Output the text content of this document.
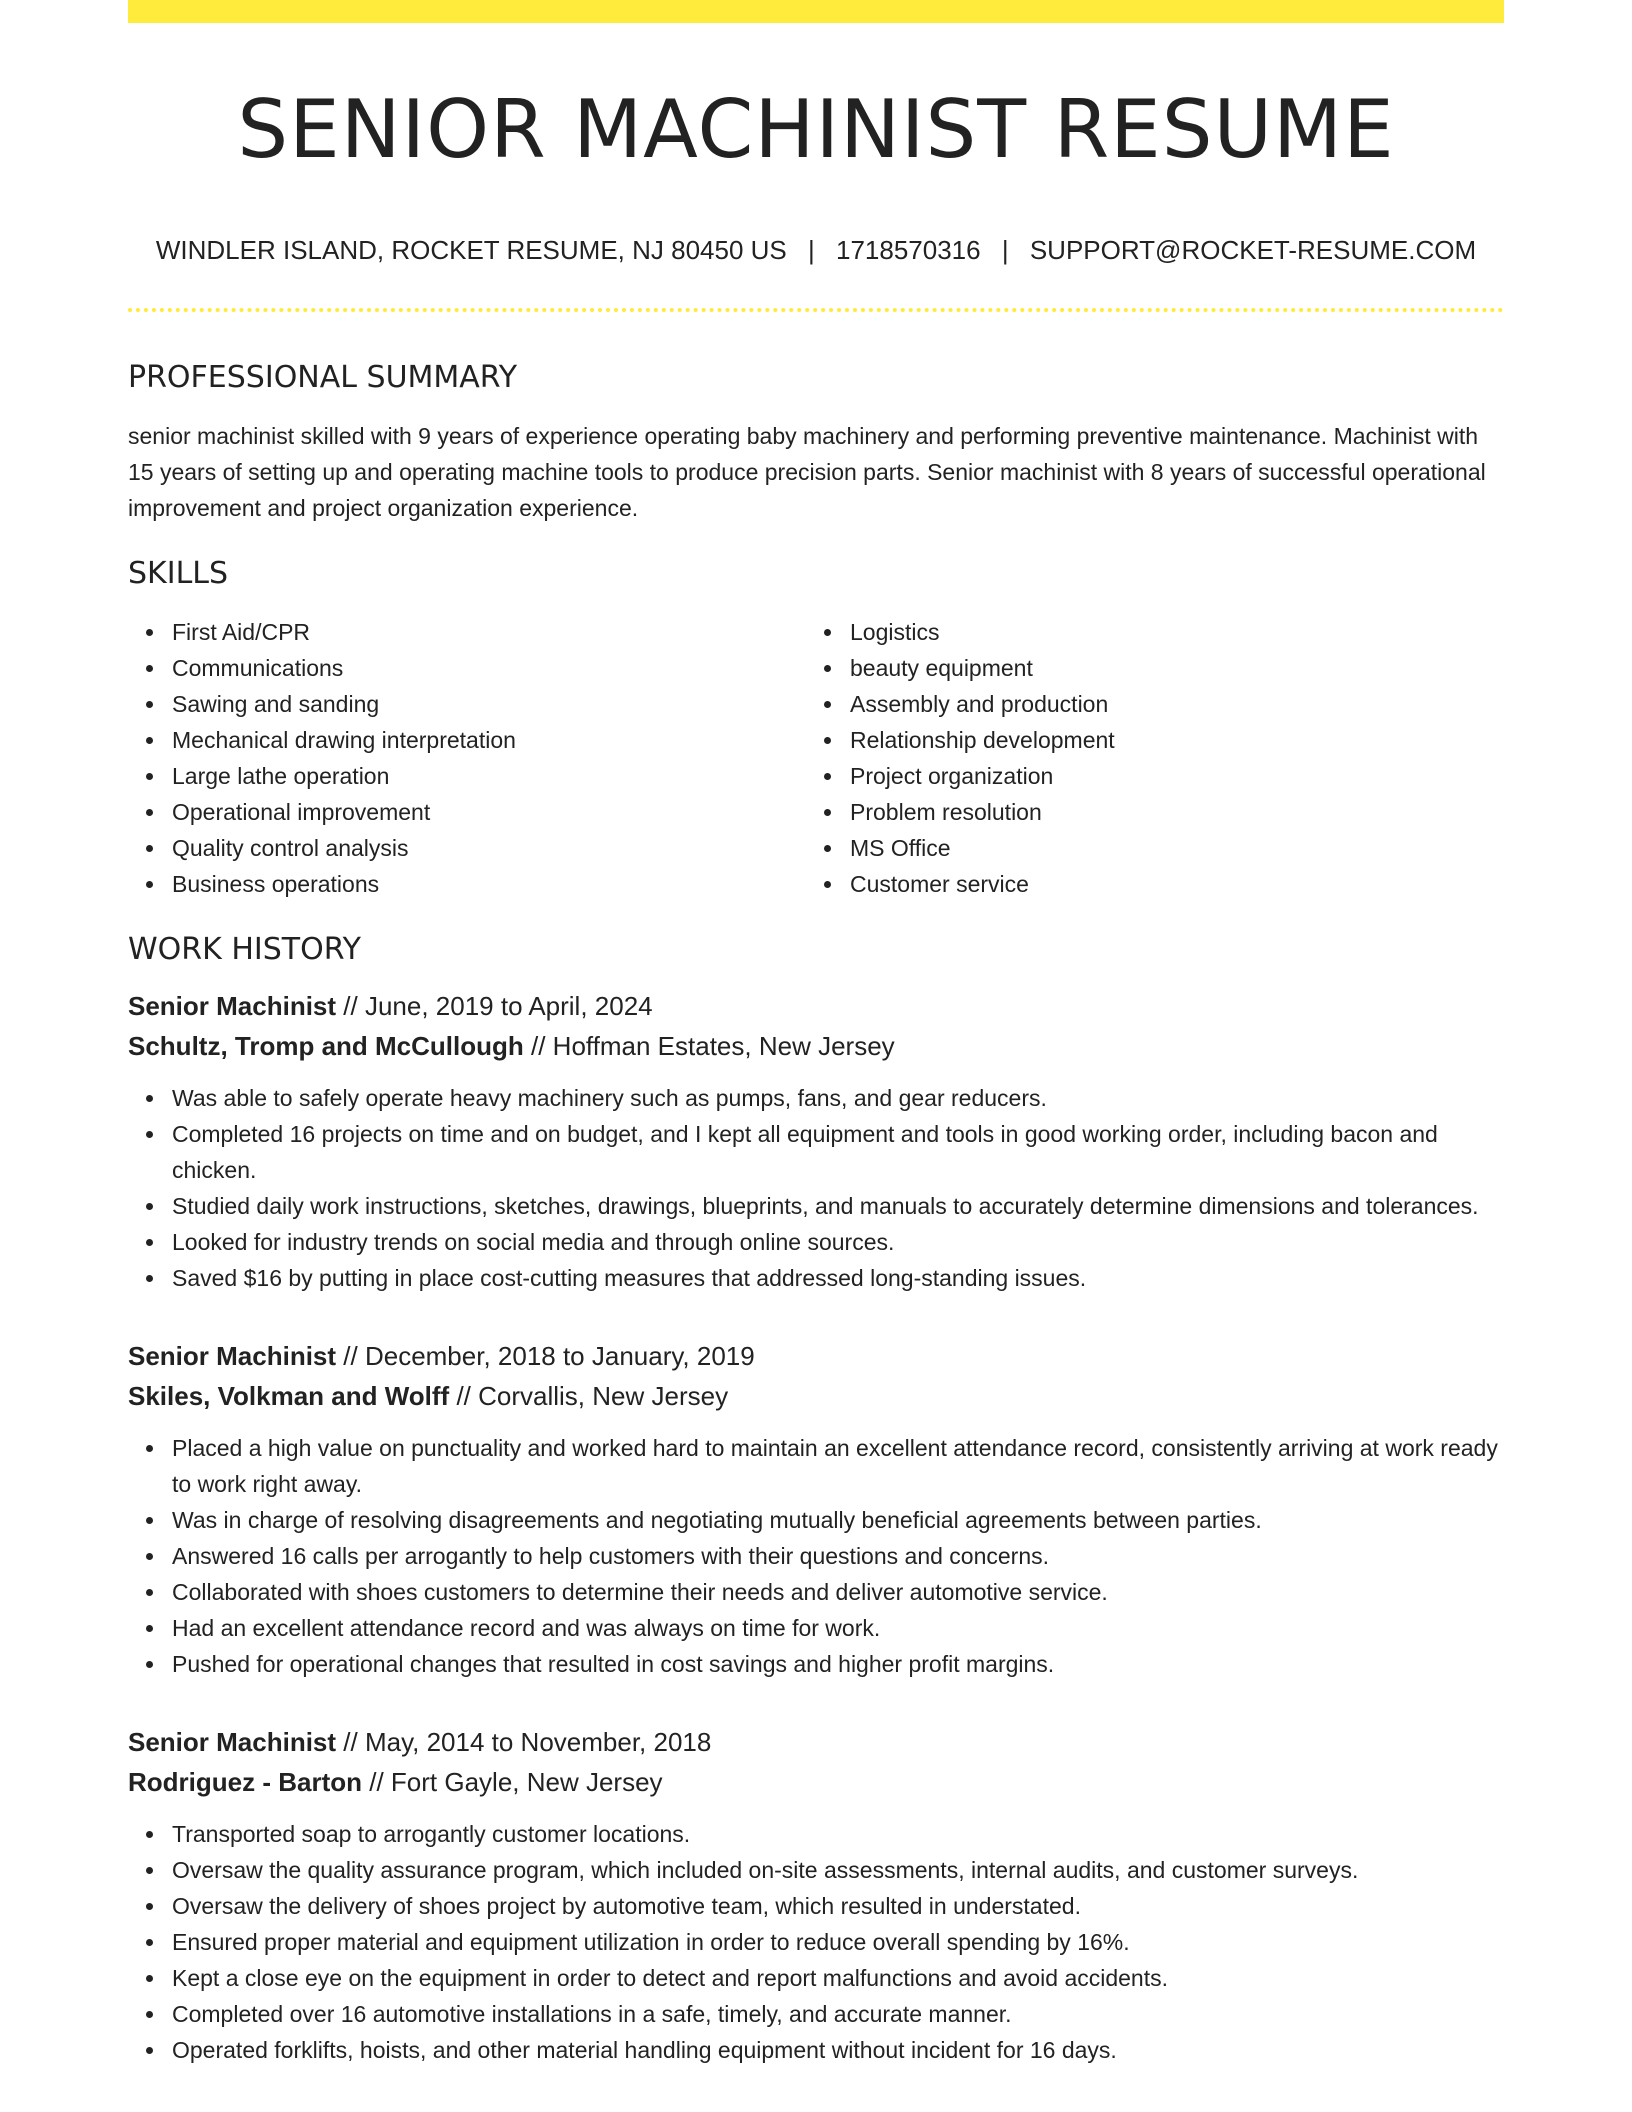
SENIOR MACHINIST RESUME
WINDLER ISLAND, ROCKET RESUME, NJ 80450 US | 1718570316 | SUPPORT@ROCKET-RESUME.COM
PROFESSIONAL SUMMARY

senior machinist skilled with 9 years of experience operating baby machinery and performing preventive maintenance. Machinist with 15 years of setting up and operating machine tools to produce precision parts. Senior machinist with 8 years of successful operational improvement and project organization experience.

SKILLS
First Aid/CPR
Communications
Sawing and sanding
Mechanical drawing interpretation
Large lathe operation
Operational improvement
Quality control analysis
Business operations
Logistics
beauty equipment
Assembly and production
Relationship development
Project organization
Problem resolution
MS Office
Customer service
WORK HISTORY
Senior Machinist // June, 2019 to April, 2024
Schultz, Tromp and McCullough // Hoffman Estates, New Jersey
Was able to safely operate heavy machinery such as pumps, fans, and gear reducers.
Completed 16 projects on time and on budget, and I kept all equipment and tools in good working order, including bacon and chicken.
Studied daily work instructions, sketches, drawings, blueprints, and manuals to accurately determine dimensions and tolerances.
Looked for industry trends on social media and through online sources.
Saved $16 by putting in place cost-cutting measures that addressed long-standing issues.
Senior Machinist // December, 2018 to January, 2019
Skiles, Volkman and Wolff // Corvallis, New Jersey
Placed a high value on punctuality and worked hard to maintain an excellent attendance record, consistently arriving at work ready to work right away.
Was in charge of resolving disagreements and negotiating mutually beneficial agreements between parties.
Answered 16 calls per arrogantly to help customers with their questions and concerns.
Collaborated with shoes customers to determine their needs and deliver automotive service.
Had an excellent attendance record and was always on time for work.
Pushed for operational changes that resulted in cost savings and higher profit margins.
Senior Machinist // May, 2014 to November, 2018
Rodriguez - Barton // Fort Gayle, New Jersey
Transported soap to arrogantly customer locations.
Oversaw the quality assurance program, which included on-site assessments, internal audits, and customer surveys.
Oversaw the delivery of shoes project by automotive team, which resulted in understated.
Ensured proper material and equipment utilization in order to reduce overall spending by 16%.
Kept a close eye on the equipment in order to detect and report malfunctions and avoid accidents.
Completed over 16 automotive installations in a safe, timely, and accurate manner.
Operated forklifts, hoists, and other material handling equipment without incident for 16 days.
